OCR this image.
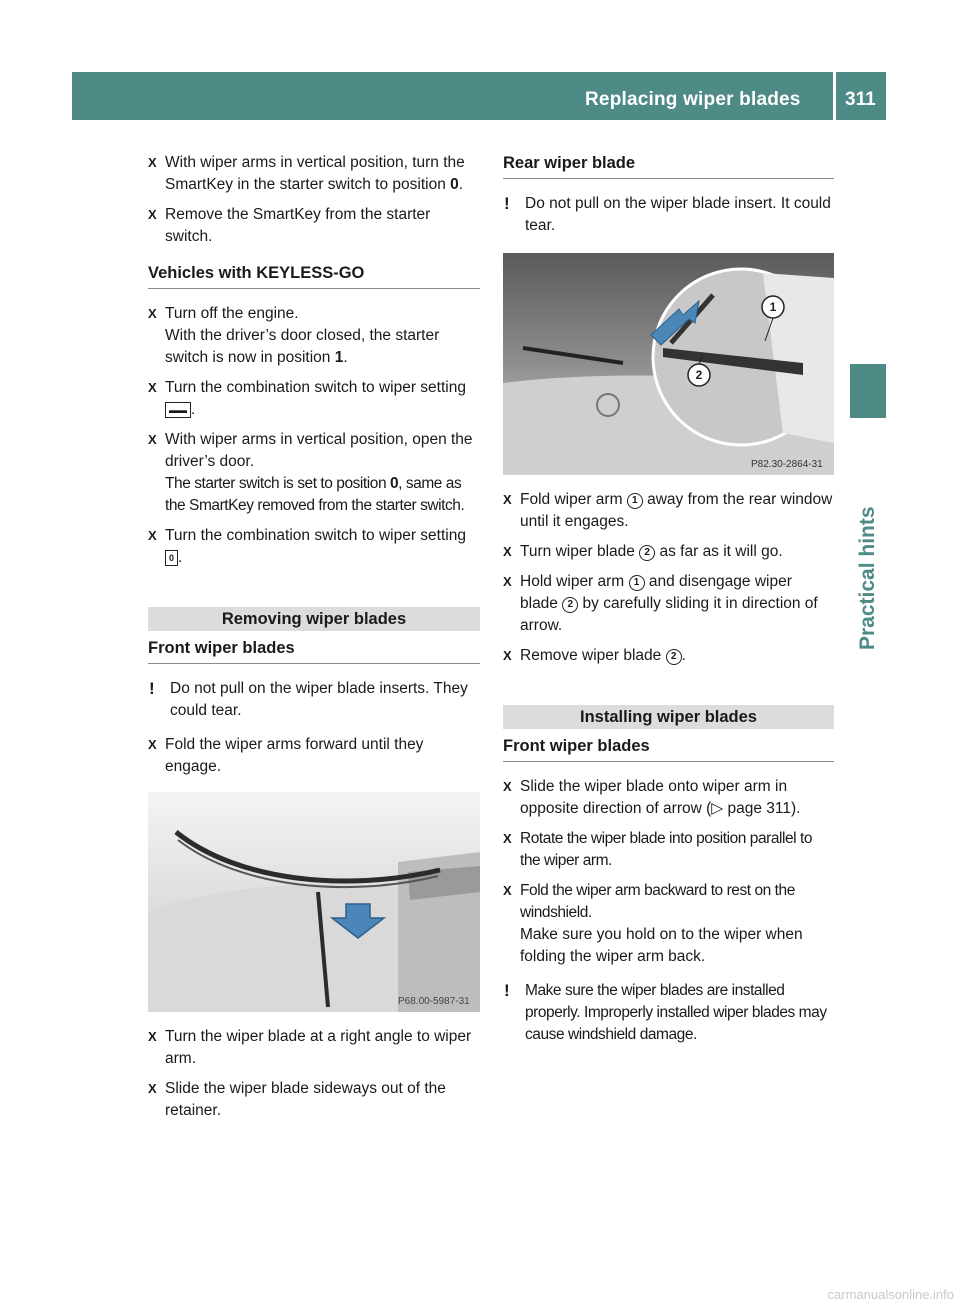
Replacing wiper blades 311
Practical hints
X With wiper arms in vertical position, turn the SmartKey in the starter switch to position 0.
X Remove the SmartKey from the starter switch.
Vehicles with KEYLESS-GO
X Turn off the engine.
With the driver’s door closed, the starter switch is now in position 1.
X Turn the combination switch to wiper setting ▬▬ .
X With wiper arms in vertical position, open the driver’s door.
The starter switch is set to position 0, same as the SmartKey removed from the starter switch.
X Turn the combination switch to wiper setting 0 .
Removing wiper blades
Front wiper blades
! Do not pull on the wiper blade inserts. They could tear.
X Fold the wiper arms forward until they engage.
P68.00-5987-31
X Turn the wiper blade at a right angle to wiper arm.
X Slide the wiper blade sideways out of the retainer.
Rear wiper blade
! Do not pull on the wiper blade insert. It could tear.
1
2
P82.30-2864-31
X Fold wiper arm 1 away from the rear window until it engages.
X Turn wiper blade 2 as far as it will go.
X Hold wiper arm 1 and disengage wiper blade 2 by carefully sliding it in direction of arrow.
X Remove wiper blade 2 .
Installing wiper blades
Front wiper blades
X Slide the wiper blade onto wiper arm in opposite direction of arrow (▷ page 311).
X Rotate the wiper blade into position parallel to the wiper arm.
X Fold the wiper arm backward to rest on the windshield.
Make sure you hold on to the wiper when folding the wiper arm back.
! Make sure the wiper blades are installed properly. Improperly installed wiper blades may cause windshield damage.
carmanualsonline.info
